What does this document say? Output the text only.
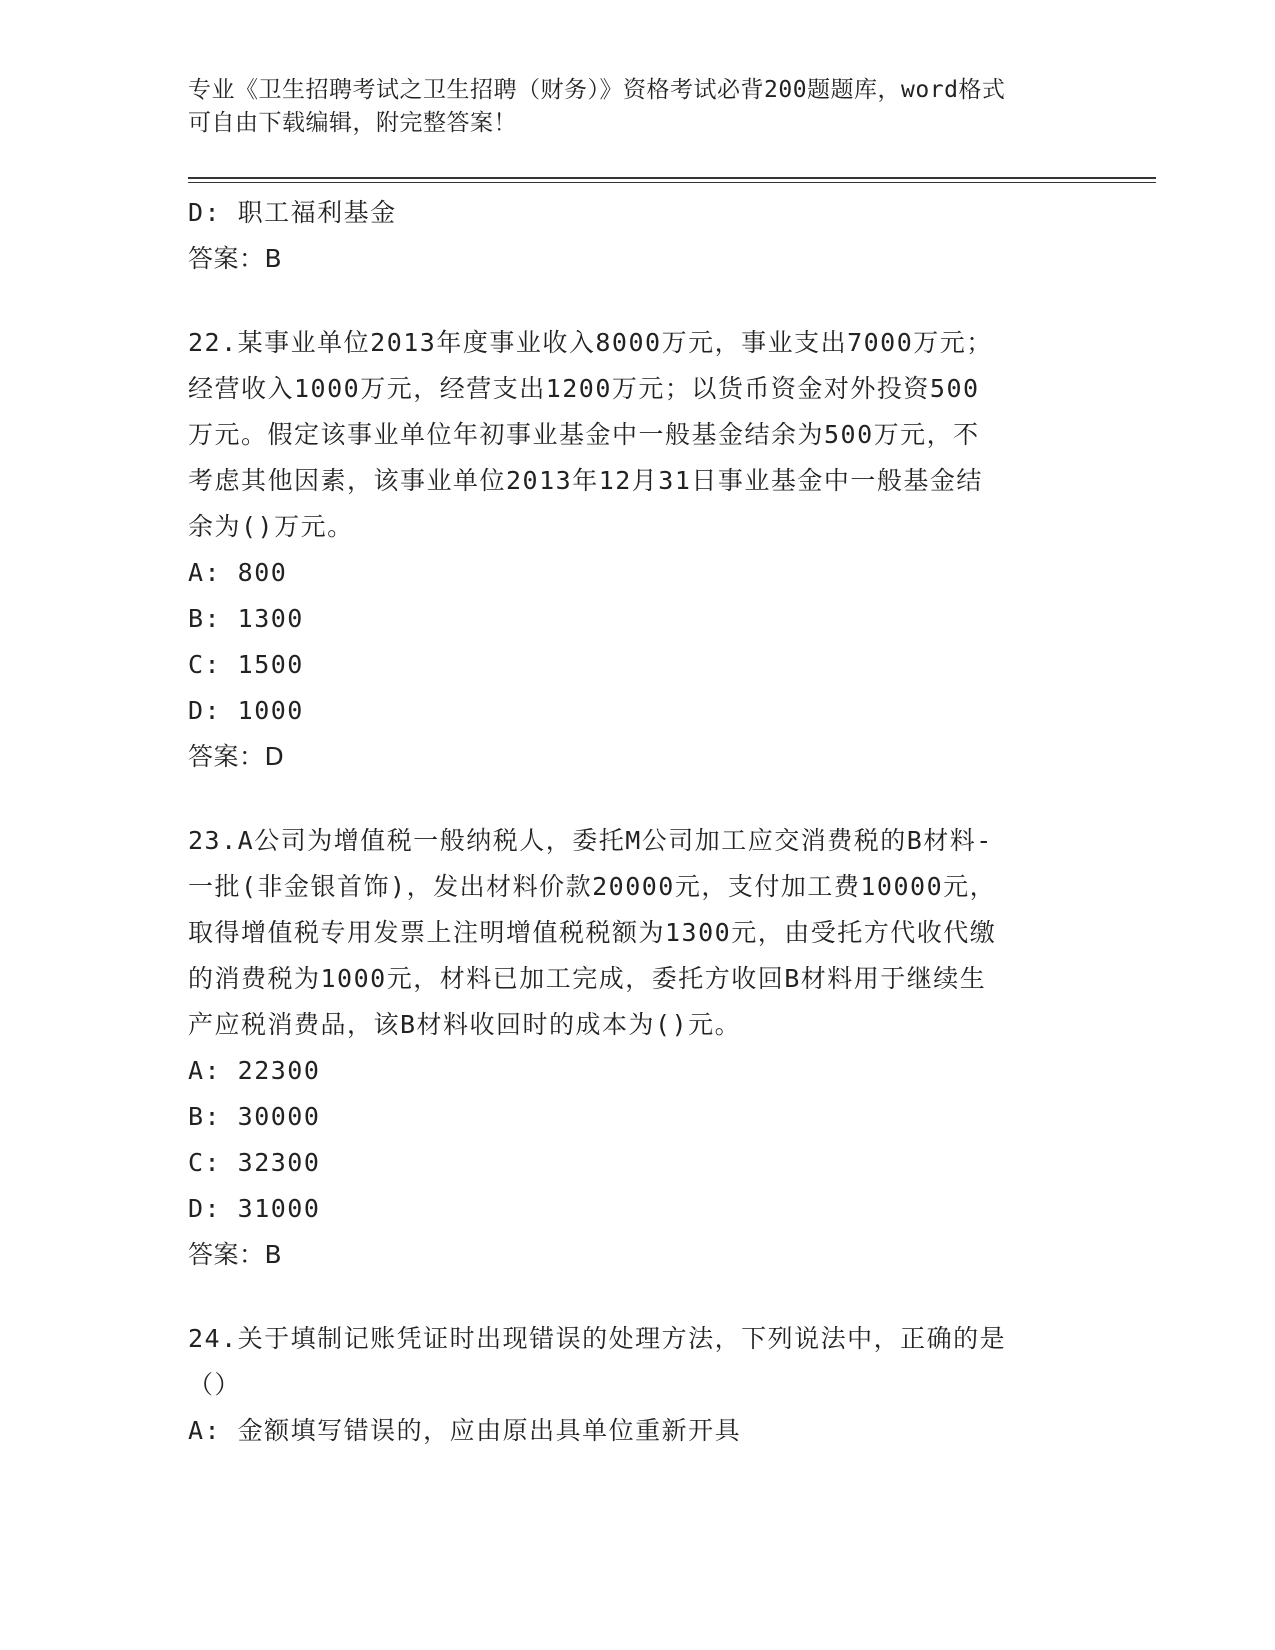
专业《卫生招聘考试之卫生招聘（财务）》资格考试必背200题题库，word格式
可自由下载编辑，附完整答案！
D: 职工福利基金
答案：B
22.某事业单位2013年度事业收入8000万元，事业支出7000万元；
经营收入1000万元，经营支出1200万元；以货币资金对外投资500
万元。假定该事业单位年初事业基金中一般基金结余为500万元，不
考虑其他因素，该事业单位2013年12月31日事业基金中一般基金结
余为()万元。
A: 800
B: 1300
C: 1500
D: 1000
答案：D
23.A公司为增值税一般纳税人，委托M公司加工应交消费税的B材料-
一批(非金银首饰)，发出材料价款20000元，支付加工费10000元，
取得增值税专用发票上注明增值税税额为1300元，由受托方代收代缴
的消费税为1000元，材料已加工完成，委托方收回B材料用于继续生
产应税消费品，该B材料收回时的成本为()元。
A: 22300
B: 30000
C: 32300
D: 31000
答案：B
24.关于填制记账凭证时出现错误的处理方法，下列说法中，正确的是
（）
A: 金额填写错误的，应由原出具单位重新开具
